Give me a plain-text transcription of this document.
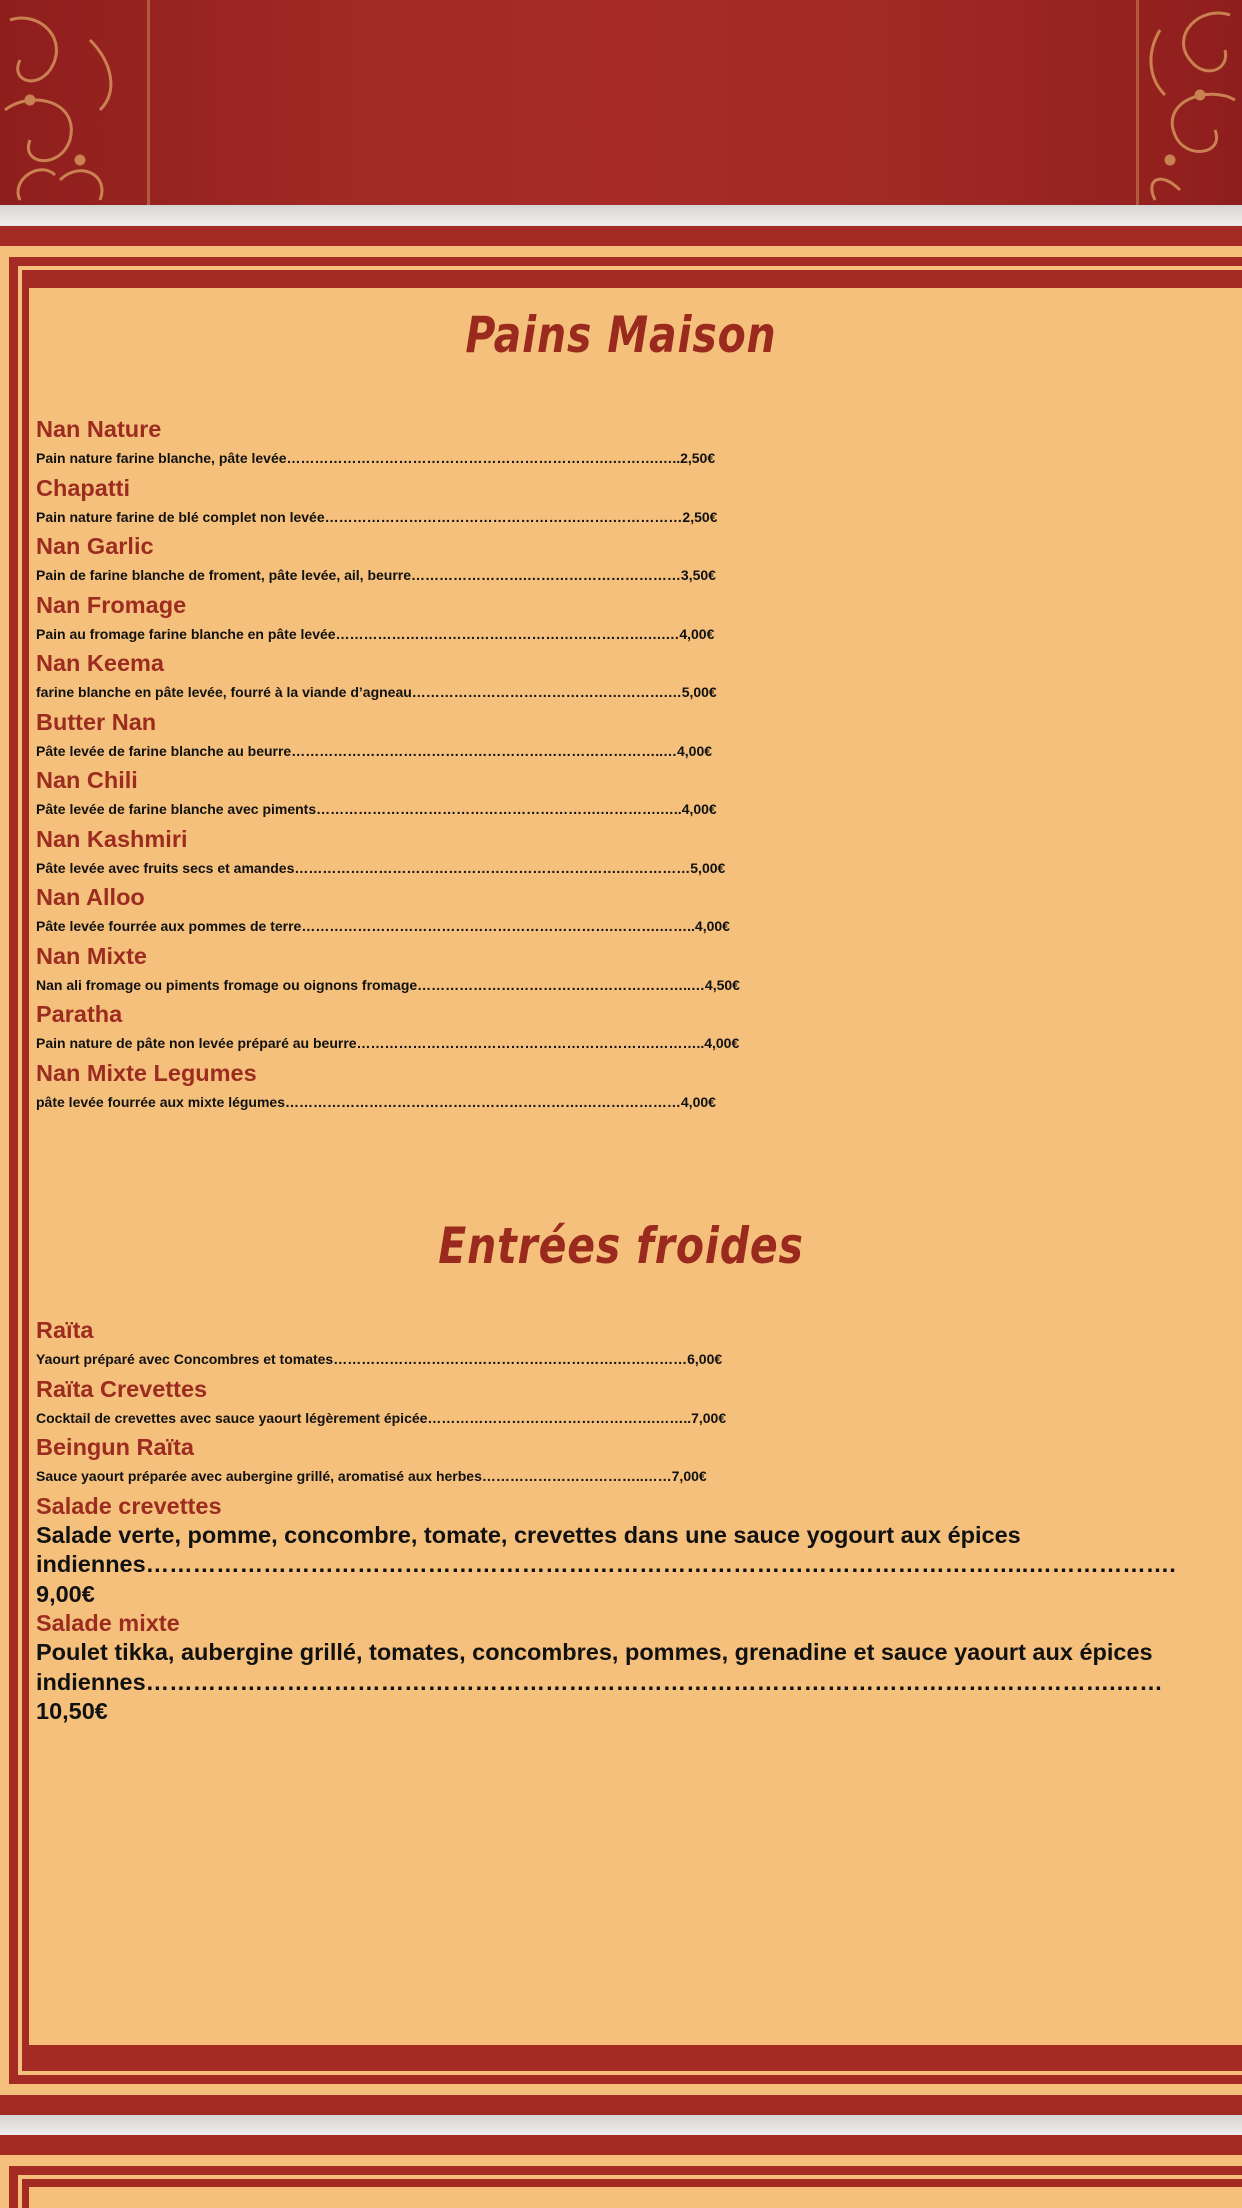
Pains Maison
Nan Nature
Pain nature farine blanche, pâte levée…………………………………………………………….……….…..2,50€
Chapatti
Pain nature farine de blé complet non levée……………………………………………….…….……………2,50€
Nan Garlic
Pain de farine blanche de froment, pâte levée, ail, beurre…………………….……………………………3,50€
Nan Fromage
Pain au fromage farine blanche en pâte levée………………………………………………………….….…4,00€
Nan Keema
farine blanche en pâte levée, fourré à la viande d’agneau……………………………………………….…5,00€
Butter Nan
Pâte levée de farine blanche au beurre……………………………………………………………………..…4,00€
Nan Chili
Pâte levée de farine blanche avec piments…………………………………………………….………….…..4,00€
Nan Kashmiri
Pâte levée avec fruits secs et amandes…………………………………………………………….……………5,00€
Nan Alloo
Pâte levée fourrée aux pommes de terre………………………………………………………….……….……..4,00€
Nan Mixte
Nan ali fromage ou piments fromage ou oignons fromage…………………………………………………..…4,50€
Paratha
Pain nature de pâte non levée préparé au beurre……………………………………………………….………..4,00€
Nan Mixte Legumes
pâte levée fourrée aux mixte légumes……………………………………………………….…………………4,00€
Entrées froides
Raïta
Yaourt préparé avec Concombres et tomates…………………………………………………….……………6,00€
Raïta Crevettes
Cocktail de crevettes avec sauce yaourt légèrement épicée………………………………………….……..7,00€
Beingun Raïta
Sauce yaourt préparée avec aubergine grillé, aromatisé aux herbes……………………………..……7,00€
Salade crevettes
Salade verte, pomme, concombre, tomate, crevettes dans une sauce yogourt aux épices indiennes…………………………………………………………………………………………………..………………. 9,00€
Salade mixte
Poulet tikka, aubergine grillé, tomates, concombres, pommes, grenadine et sauce yaourt aux épices indiennes…………………………………………………………………………………………………………….……10,50€
